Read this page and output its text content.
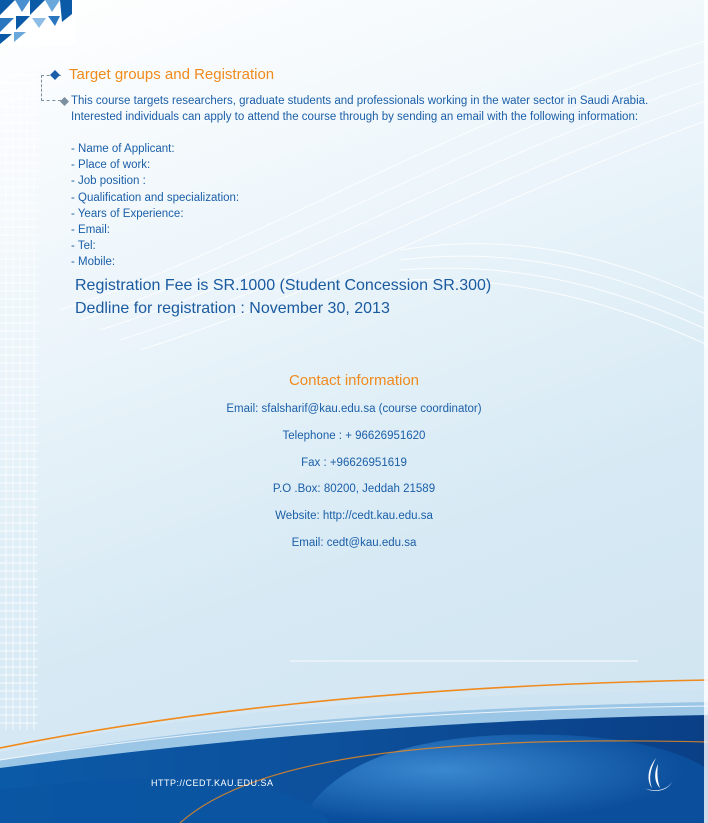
Target groups and Registration
This course targets researchers, graduate students and professionals working in the water sector in Saudi Arabia. Interested individuals can apply to attend the course through by sending an email with the following information:
- Name of Applicant:
- Place of work:
- Job position :
- Qualification and specialization:
- Years of Experience:
- Email:
- Tel:
- Mobile:
Registration Fee is SR.1000 (Student Concession SR.300)
Dedline for registration : November 30, 2013
Contact information
Email: sfalsharif@kau.edu.sa (course coordinator)
Telephone : + 96626951620
Fax : +96626951619
P.O .Box: 80200, Jeddah 21589
Website: http://cedt.kau.edu.sa
Email: cedt@kau.edu.sa
HTTP://CEDT.KAU.EDU.SA
